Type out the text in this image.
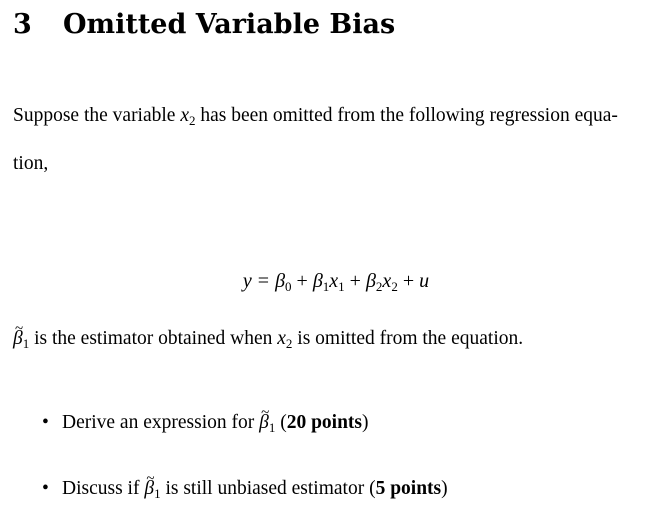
3 Omitted Variable Bias
Suppose the variable $x_2$ has been omitted from the following regression equa-
tion,
$y = \beta_0 + \beta_1x_1 + \beta_2x_2 + u$
~ $\beta_1$ is the estimator obtained when $x_2$ is omitted from the equation.
• Derive an expression for ~ $\beta_1$ (20 points)
• Discuss if ~ $\beta_1$ is still unbiased estimator (5 points)
